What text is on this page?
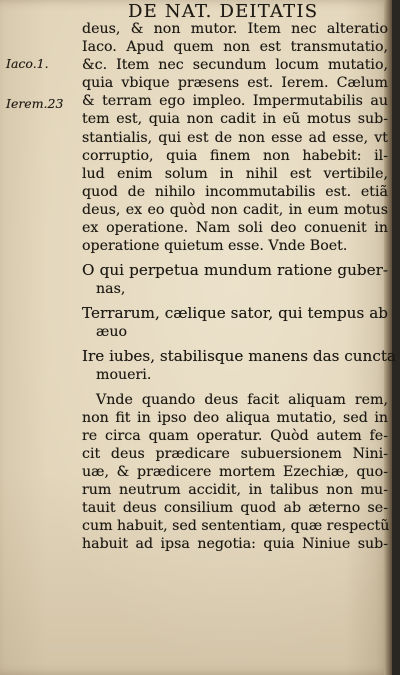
DE NAT. DEITATIS
Iaco.1.
Ierem.23
deus, & non mutor. Item nec alteratio
Iaco. Apud quem non est transmutatio,
&c. Item nec secundum locum mutatio,
quia vbique præsens est. Ierem. Cælum
& terram ego impleo. Impermutabilis au
tem est, quia non cadit in eũ motus sub-
stantialis, qui est de non esse ad esse, vt
corruptio, quia finem non habebit: il-
lud enim solum in nihil est vertibile,
quod de nihilo incommutabilis est. etiã
deus, ex eo quòd non cadit, in eum motus
ex operatione. Nam soli deo conuenit in
operatione quietum esse. Vnde Boet.
O qui perpetua mundum ratione guber-
nas,
Terrarum, cælique sator, qui tempus ab
æuo
Ire iubes, stabilisque manens das cuncta
moueri.
Vnde quando deus facit aliquam rem,
non fit in ipso deo aliqua mutatio, sed in
re circa quam operatur. Quòd autem fe-
cit deus prædicare subuersionem Nini-
uæ, & prædicere mortem Ezechiæ, quo-
rum neutrum accidit, in talibus non mu-
tauit deus consilium quod ab æterno se-
cum habuit, sed sententiam, quæ respectũ
habuit ad ipsa negotia: quia Niniue sub-
